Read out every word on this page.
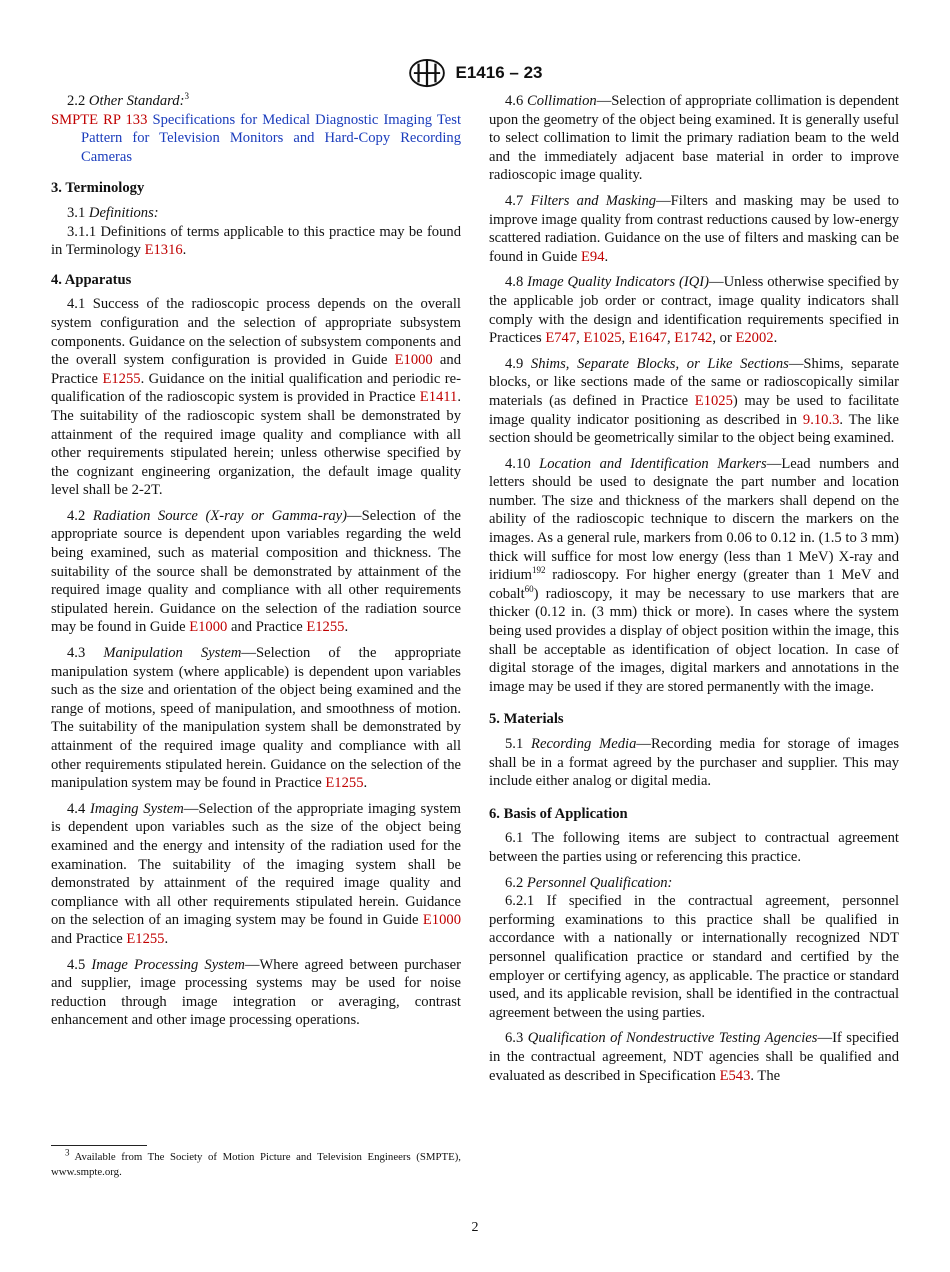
E1416 – 23

2.2 Other Standard:$^3$

SMPTE RP 133 Specifications for Medical Diagnostic Imaging Test Pattern for Television Monitors and Hard-Copy Recording Cameras

3. Terminology

3.1 Definitions:

3.1.1 Definitions of terms applicable to this practice may be found in Terminology E1316.

4. Apparatus

4.1 Success of the radioscopic process depends on the overall system configuration and the selection of appropriate subsystem components. Guidance on the selection of subsystem components and the overall system configuration is provided in Guide E1000 and Practice E1255. Guidance on the initial qualification and periodic re-qualification of the radioscopic system is provided in Practice E1411. The suitability of the radioscopic system shall be demonstrated by attainment of the required image quality and compliance with all other requirements stipulated herein; unless otherwise specified by the cognizant engineering organization, the default image quality level shall be 2-2T.

4.2 Radiation Source (X-ray or Gamma-ray)—Selection of the appropriate source is dependent upon variables regarding the weld being examined, such as material composition and thickness. The suitability of the source shall be demonstrated by attainment of the required image quality and compliance with all other requirements stipulated herein. Guidance on the selection of the radiation source may be found in Guide E1000 and Practice E1255.

4.3 Manipulation System—Selection of the appropriate manipulation system (where applicable) is dependent upon variables such as the size and orientation of the object being examined and the range of motions, speed of manipulation, and smoothness of motion. The suitability of the manipulation system shall be demonstrated by attainment of the required image quality and compliance with all other requirements stipulated herein. Guidance on the selection of the manipulation system may be found in Practice E1255.

4.4 Imaging System—Selection of the appropriate imaging system is dependent upon variables such as the size of the object being examined and the energy and intensity of the radiation used for the examination. The suitability of the imaging system shall be demonstrated by attainment of the required image quality and compliance with all other requirements stipulated herein. Guidance on the selection of an imaging system may be found in Guide E1000 and Practice E1255.

4.5 Image Processing System—Where agreed between purchaser and supplier, image processing systems may be used for noise reduction through image integration or averaging, contrast enhancement and other image processing operations.

$^3$ Available from The Society of Motion Picture and Television Engineers (SMPTE), www.smpte.org.

4.6 Collimation—Selection of appropriate collimation is dependent upon the geometry of the object being examined. It is generally useful to select collimation to limit the primary radiation beam to the weld and the immediately adjacent base material in order to improve radioscopic image quality.

4.7 Filters and Masking—Filters and masking may be used to improve image quality from contrast reductions caused by low-energy scattered radiation. Guidance on the use of filters and masking can be found in Guide E94.

4.8 Image Quality Indicators (IQI)—Unless otherwise specified by the applicable job order or contract, image quality indicators shall comply with the design and identification requirements specified in Practices E747, E1025, E1647, E1742, or E2002.

4.9 Shims, Separate Blocks, or Like Sections—Shims, separate blocks, or like sections made of the same or radioscopically similar materials (as defined in Practice E1025) may be used to facilitate image quality indicator positioning as described in 9.10.3. The like section should be geometrically similar to the object being examined.

4.10 Location and Identification Markers—Lead numbers and letters should be used to designate the part number and location number. The size and thickness of the markers shall depend on the ability of the radioscopic technique to discern the markers on the images. As a general rule, markers from 0.06 to 0.12 in. (1.5 to 3 mm) thick will suffice for most low energy (less than 1 MeV) X-ray and iridium$^{192}$ radioscopy. For higher energy (greater than 1 MeV and cobalt$^{60}$) radioscopy, it may be necessary to use markers that are thicker (0.12 in. (3 mm) thick or more). In cases where the system being used provides a display of object position within the image, this shall be acceptable as identification of object location. In case of digital storage of the images, digital markers and annotations in the image may be used if they are stored permanently with the image.

5. Materials

5.1 Recording Media—Recording media for storage of images shall be in a format agreed by the purchaser and supplier. This may include either analog or digital media.

6. Basis of Application

6.1 The following items are subject to contractual agreement between the parties using or referencing this practice.

6.2 Personnel Qualification:

6.2.1 If specified in the contractual agreement, personnel performing examinations to this practice shall be qualified in accordance with a nationally or internationally recognized NDT personnel qualification practice or standard and certified by the employer or certifying agency, as applicable. The practice or standard used, and its applicable revision, shall be identified in the contractual agreement between the using parties.

6.3 Qualification of Nondestructive Testing Agencies—If specified in the contractual agreement, NDT agencies shall be qualified and evaluated as described in Specification E543. The

2
